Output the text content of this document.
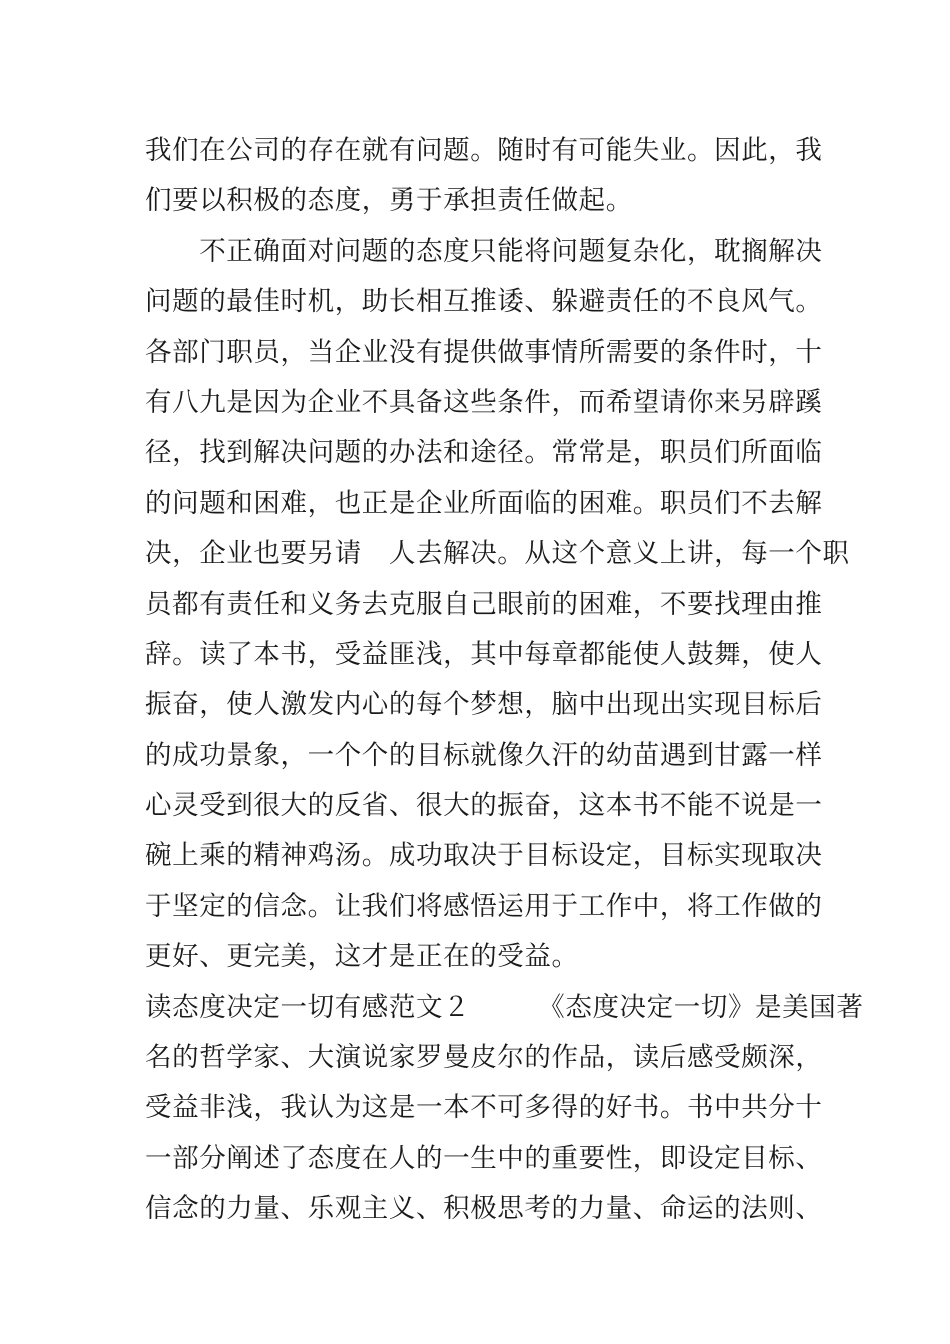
我们在公司的存在就有问题。随时有可能失业。因此，我
们要以积极的态度，勇于承担责任做起。
　　不正确面对问题的态度只能将问题复杂化，耽搁解决
问题的最佳时机，助长相互推诿、躲避责任的不良风气。
各部门职员，当企业没有提供做事情所需要的条件时，十
有八九是因为企业不具备这些条件，而希望请你来另辟蹊
径，找到解决问题的办法和途径。常常是，职员们所面临
的问题和困难，也正是企业所面临的困难。职员们不去解
决，企业也要另请　人去解决。从这个意义上讲，每一个职
员都有责任和义务去克服自己眼前的困难，不要找理由推
辞。读了本书，受益匪浅，其中每章都能使人鼓舞，使人
振奋，使人激发内心的每个梦想，脑中出现出实现目标后
的成功景象，一个个的目标就像久汗的幼苗遇到甘露一样
心灵受到很大的反省、很大的振奋，这本书不能不说是一
碗上乘的精神鸡汤。成功取决于目标设定，目标实现取决
于坚定的信念。让我们将感悟运用于工作中，将工作做的
更好、更完美，这才是正在的受益。
读态度决定一切有感范文２　　　《态度决定一切》是美国著
名的哲学家、大演说家罗曼皮尔的作品，读后感受颇深，
受益非浅，我认为这是一本不可多得的好书。书中共分十
一部分阐述了态度在人的一生中的重要性，即设定目标、
信念的力量、乐观主义、积极思考的力量、命运的法则、
